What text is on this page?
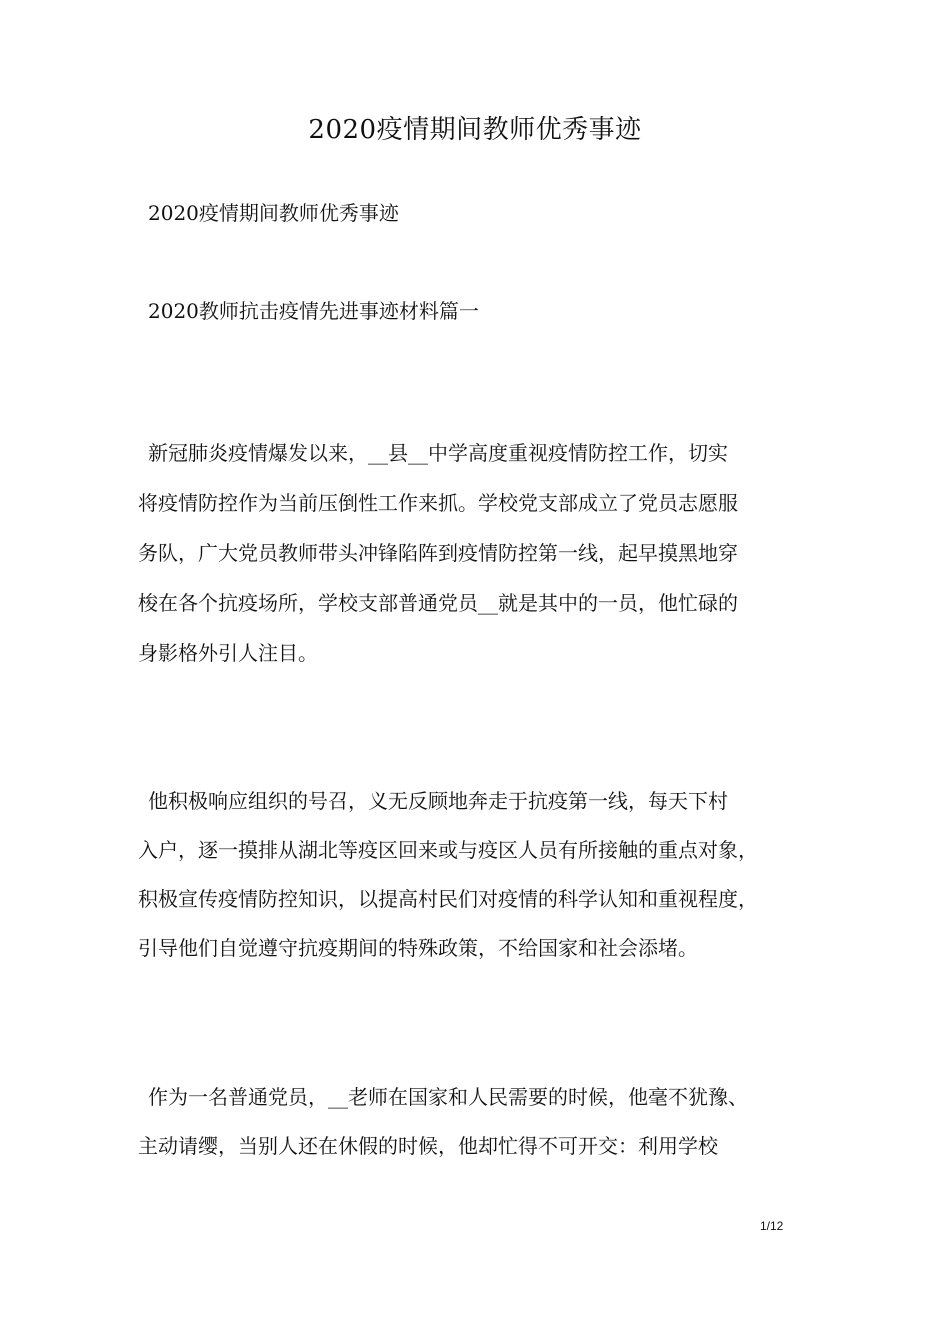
2020疫情期间教师优秀事迹
2020疫情期间教师优秀事迹
2020教师抗击疫情先进事迹材料篇一
新冠肺炎疫情爆发以来，__县__中学高度重视疫情防控工作，切实
将疫情防控作为当前压倒性工作来抓。学校党支部成立了党员志愿服
务队，广大党员教师带头冲锋陷阵到疫情防控第一线，起早摸黑地穿
梭在各个抗疫场所，学校支部普通党员__就是其中的一员，他忙碌的
身影格外引人注目。
他积极响应组织的号召，义无反顾地奔走于抗疫第一线，每天下村
入户，逐一摸排从湖北等疫区回来或与疫区人员有所接触的重点对象，
积极宣传疫情防控知识，以提高村民们对疫情的科学认知和重视程度，
引导他们自觉遵守抗疫期间的特殊政策，不给国家和社会添堵。
作为一名普通党员，__老师在国家和人民需要的时候，他毫不犹豫、
主动请缨，当别人还在休假的时候，他却忙得不可开交：利用学校
1/12
